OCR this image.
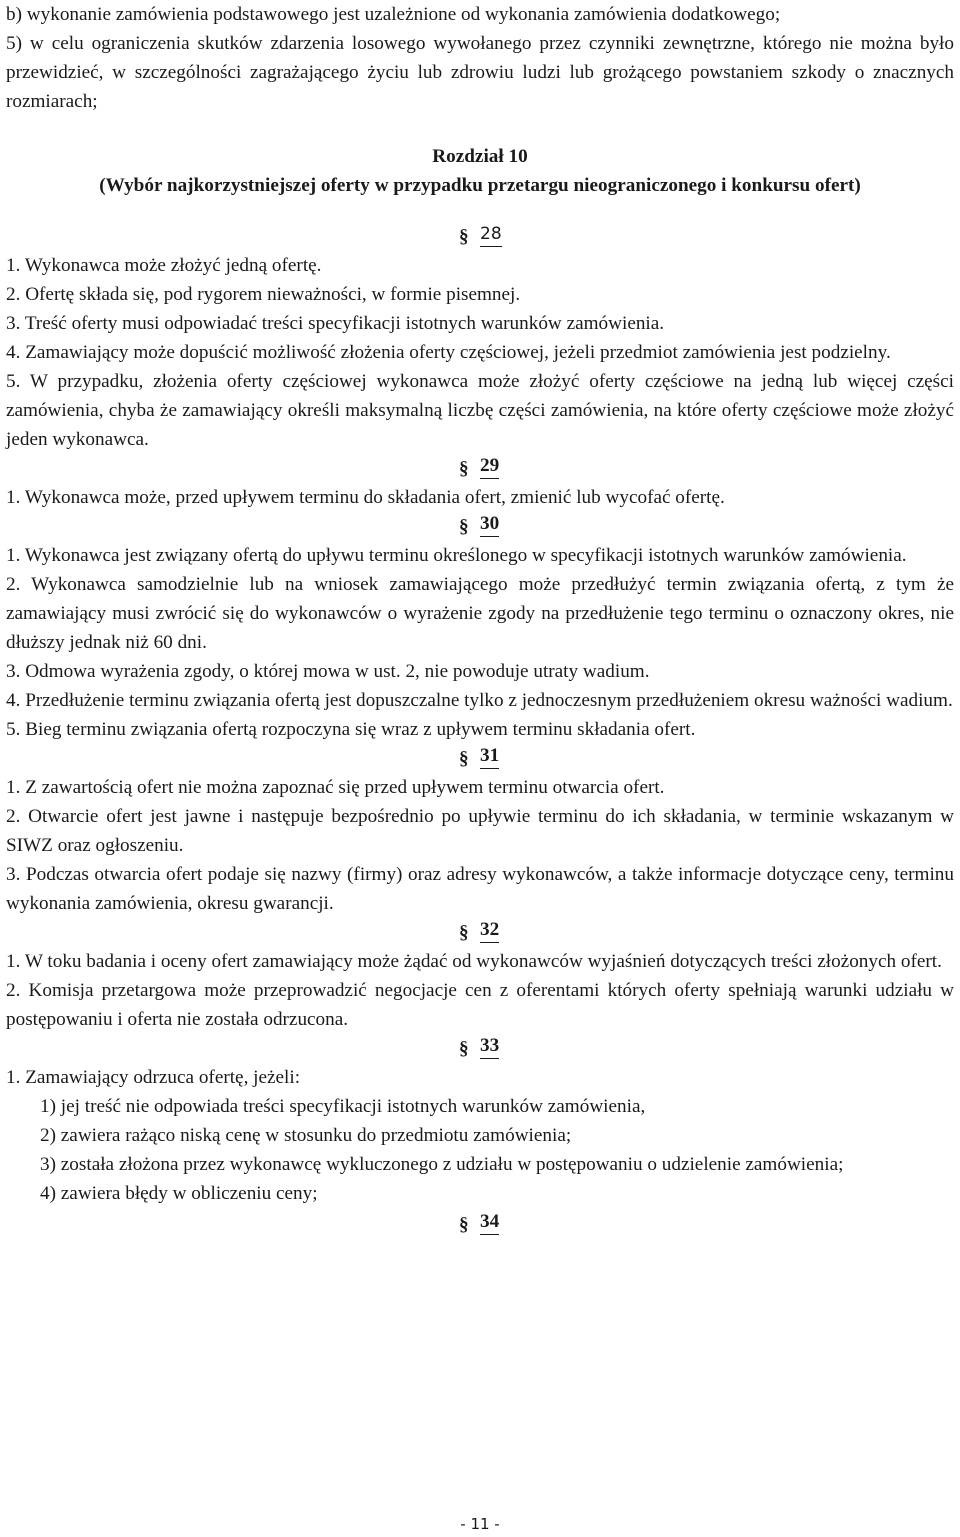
b) wykonanie zamówienia podstawowego jest uzależnione od wykonania zamówienia dodatkowego;

5) w celu ograniczenia skutków zdarzenia losowego wywołanego przez czynniki zewnętrzne, którego nie można było przewidzieć, w szczególności zagrażającego życiu lub zdrowiu ludzi lub grożącego powstaniem szkody o znacznych rozmiarach;

Rozdział 10

(Wybór najkorzystniejszej oferty w przypadku przetargu nieograniczonego i konkursu ofert)

§ 28

1. Wykonawca może złożyć jedną ofertę.

2. Ofertę składa się, pod rygorem nieważności, w formie pisemnej.

3. Treść oferty musi odpowiadać treści specyfikacji istotnych warunków zamówienia.

4. Zamawiający może dopuścić możliwość złożenia oferty częściowej, jeżeli przedmiot zamówienia jest podzielny.

5. W przypadku, złożenia oferty częściowej wykonawca może złożyć oferty częściowe na jedną lub więcej części zamówienia, chyba że zamawiający określi maksymalną liczbę części zamówienia, na które oferty częściowe może złożyć jeden wykonawca.

§ 29

1. Wykonawca może, przed upływem terminu do składania ofert, zmienić lub wycofać ofertę.

§ 30

1. Wykonawca jest związany ofertą do upływu terminu określonego w specyfikacji istotnych warunków zamówienia.

2. Wykonawca samodzielnie lub na wniosek zamawiającego może przedłużyć termin związania ofertą, z tym że zamawiający musi zwrócić się do wykonawców o wyrażenie zgody na przedłużenie tego terminu o oznaczony okres, nie dłuższy jednak niż 60 dni.

3. Odmowa wyrażenia zgody, o której mowa w ust. 2, nie powoduje utraty wadium.

4. Przedłużenie terminu związania ofertą jest dopuszczalne tylko z jednoczesnym przedłużeniem okresu ważności wadium.

5. Bieg terminu związania ofertą rozpoczyna się wraz z upływem terminu składania ofert.

§ 31

1. Z zawartością ofert nie można zapoznać się przed upływem terminu otwarcia ofert.

2. Otwarcie ofert jest jawne i następuje bezpośrednio po upływie terminu do ich składania, w terminie wskazanym w SIWZ oraz ogłoszeniu.

3. Podczas otwarcia ofert podaje się nazwy (firmy) oraz adresy wykonawców, a także informacje dotyczące ceny, terminu wykonania zamówienia, okresu gwarancji.

§ 32

1. W toku badania i oceny ofert zamawiający może żądać od wykonawców wyjaśnień dotyczących treści złożonych ofert.

2. Komisja przetargowa może przeprowadzić negocjacje cen z oferentami których oferty spełniają warunki udziału w postępowaniu i oferta nie została odrzucona.

§ 33

1. Zamawiający odrzuca ofertę, jeżeli:

1) jej treść nie odpowiada treści specyfikacji istotnych warunków zamówienia,

2) zawiera rażąco niską cenę w stosunku do przedmiotu zamówienia;

3) została złożona przez wykonawcę wykluczonego z udziału w postępowaniu o udzielenie zamówienia;

4) zawiera błędy w obliczeniu ceny;

§ 34
- 11 -
